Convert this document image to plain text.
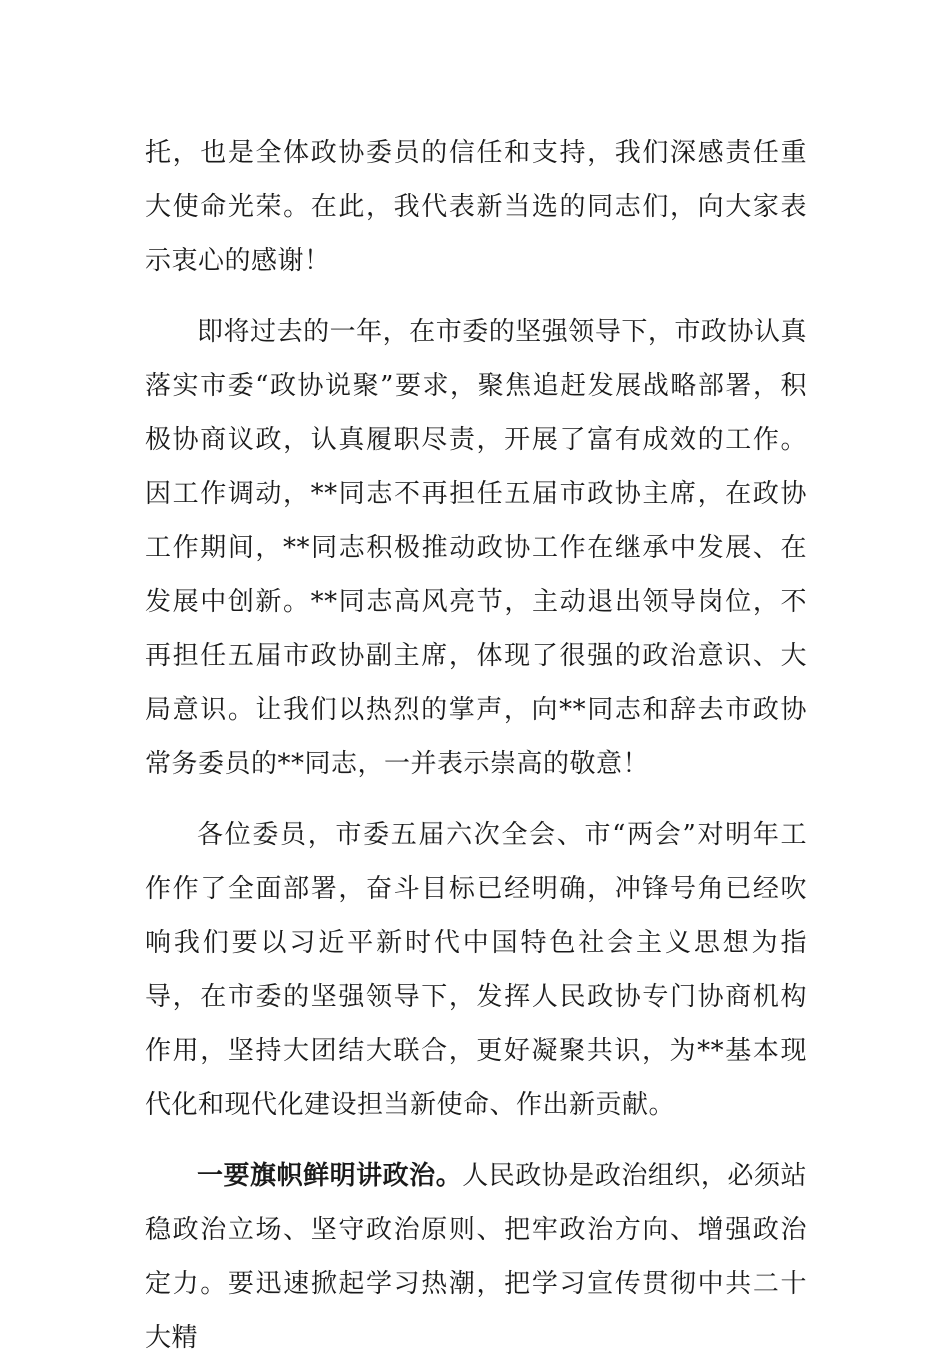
托，也是全体政协委员的信任和支持，我们深感责任重大使命光荣。在此，我代表新当选的同志们，向大家表示衷心的感谢！

即将过去的一年，在市委的坚强领导下，市政协认真落实市委“政协说聚”要求，聚焦追赶发展战略部署，积极协商议政，认真履职尽责，开展了富有成效的工作。因工作调动，**同志不再担任五届市政协主席，在政协工作期间，**同志积极推动政协工作在继承中发展、在发展中创新。**同志高风亮节，主动退出领导岗位，不再担任五届市政协副主席，体现了很强的政治意识、大局意识。让我们以热烈的掌声，向**同志和辞去市政协常务委员的**同志，一并表示崇高的敬意！

各位委员，市委五届六次全会、市“两会”对明年工作作了全面部署，奋斗目标已经明确，冲锋号角已经吹响我们要以习近平新时代中国特色社会主义思想为指导，在市委的坚强领导下，发挥人民政协专门协商机构作用，坚持大团结大联合，更好凝聚共识，为**基本现代化和现代化建设担当新使命、作出新贡献。

一要旗帜鲜明讲政治。人民政协是政治组织，必须站稳政治立场、坚守政治原则、把牢政治方向、增强政治定力。要迅速掀起学习热潮，把学习宣传贯彻中共二十大精
